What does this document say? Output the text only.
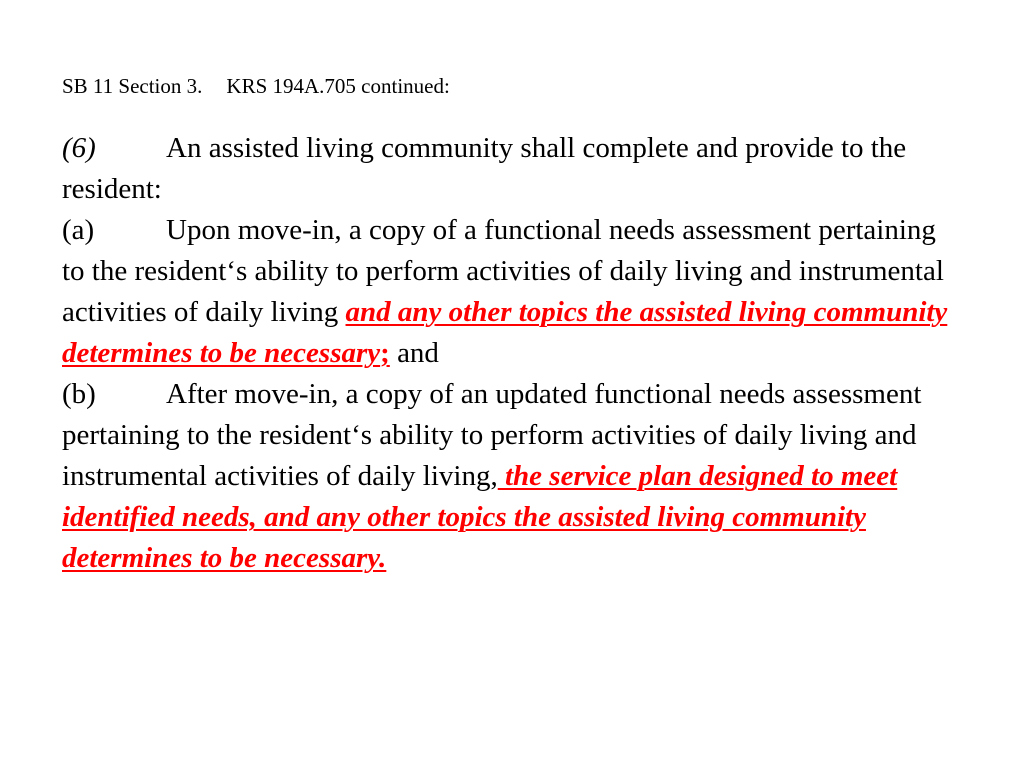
SB 11 Section 3. KRS 194A.705 continued:

(6) An assisted living community shall complete and provide to the resident:
(a) Upon move-in, a copy of a functional needs assessment pertaining to the resident‘s ability to perform activities of daily living and instrumental activities of daily living and any other topics the assisted living community determines to be necessary; and
(b) After move-in, a copy of an updated functional needs assessment pertaining to the resident‘s ability to perform activities of daily living and instrumental activities of daily living, the service plan designed to meet identified needs, and any other topics the assisted living community determines to be necessary.
